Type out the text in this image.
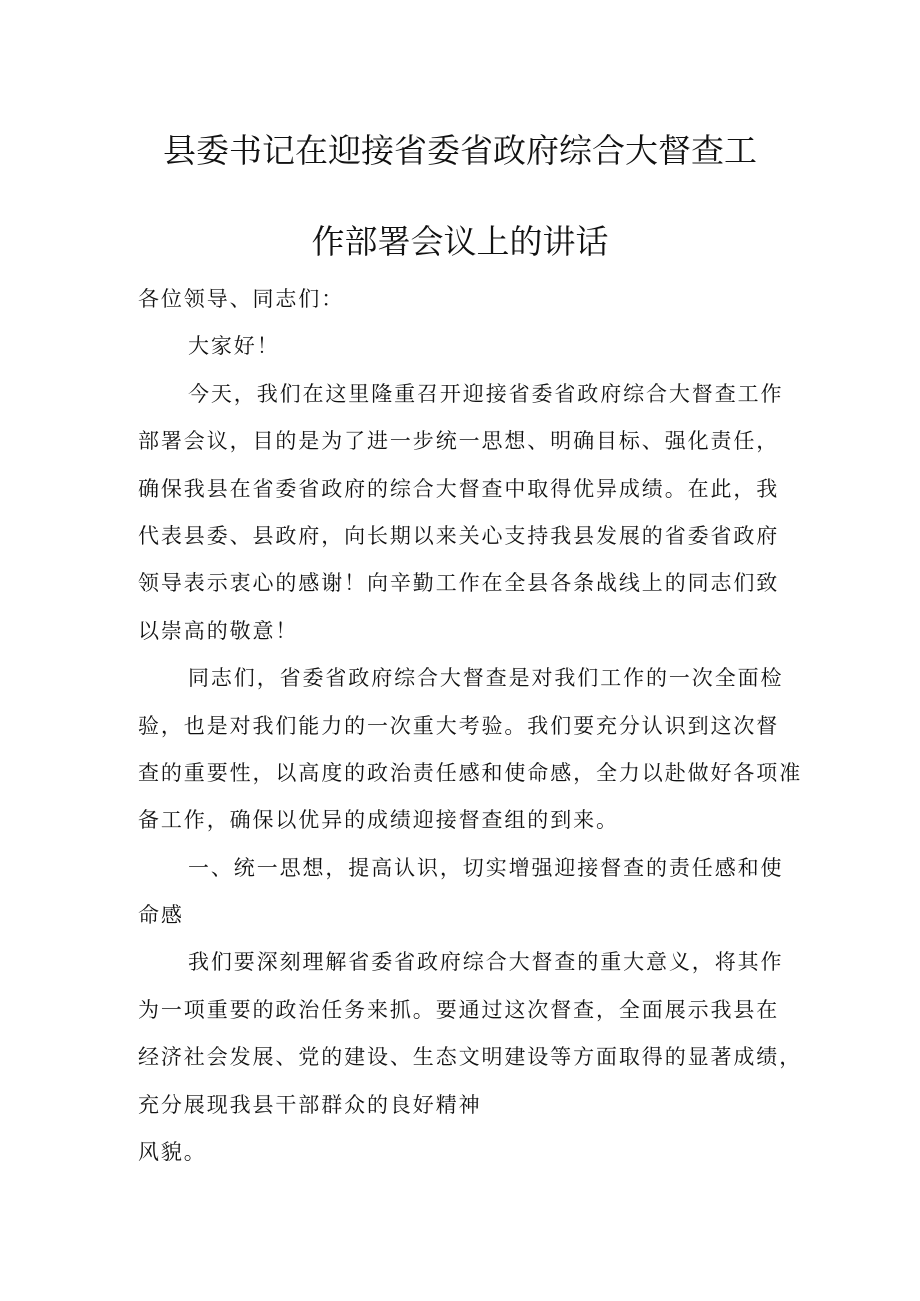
县委书记在迎接省委省政府综合大督查工
作部署会议上的讲话
各位领导、同志们：
大家好！
今天，我们在这里隆重召开迎接省委省政府综合大督查工作
部署会议，目的是为了进一步统一思想、明确目标、强化责任，
确保我县在省委省政府的综合大督查中取得优异成绩。在此，我
代表县委、县政府，向长期以来关心支持我县发展的省委省政府
领导表示衷心的感谢！向辛勤工作在全县各条战线上的同志们致
以崇高的敬意！
同志们，省委省政府综合大督查是对我们工作的一次全面检
验，也是对我们能力的一次重大考验。我们要充分认识到这次督
查的重要性，以高度的政治责任感和使命感，全力以赴做好各项准
备工作，确保以优异的成绩迎接督查组的到来。
一、统一思想，提高认识，切实增强迎接督查的责任感和使
命感
我们要深刻理解省委省政府综合大督查的重大意义，将其作
为一项重要的政治任务来抓。要通过这次督查，全面展示我县在
经济社会发展、党的建设、生态文明建设等方面取得的显著成绩，
充分展现我县干部群众的良好精神
风貌。
